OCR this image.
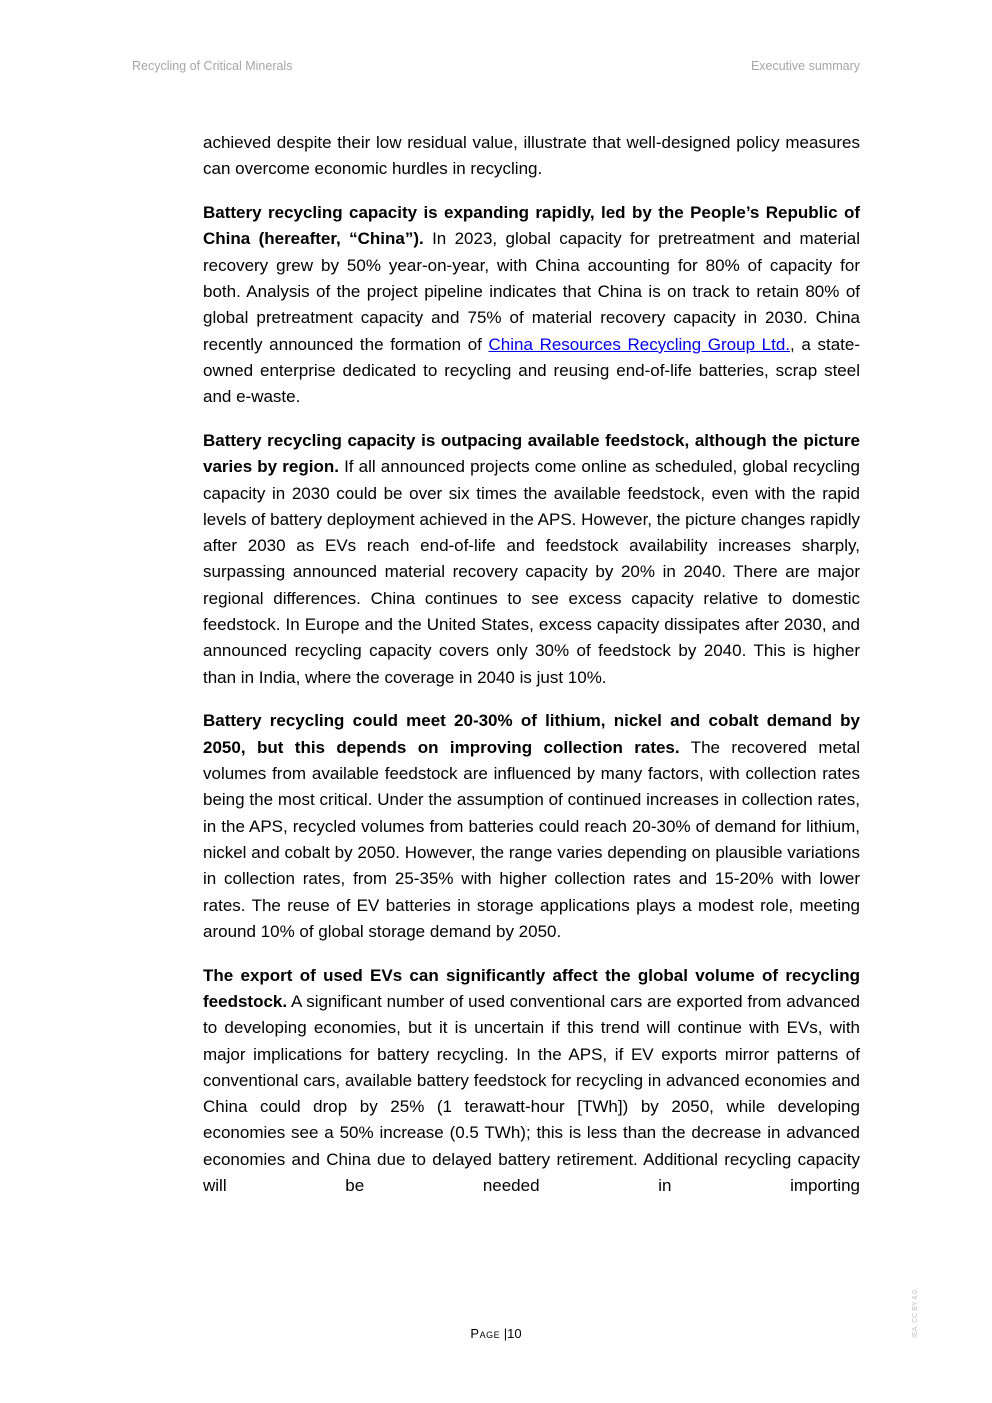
Recycling of Critical Minerals	Executive summary

achieved despite their low residual value, illustrate that well-designed policy measures can overcome economic hurdles in recycling.

Battery recycling capacity is expanding rapidly, led by the People’s Republic of China (hereafter, “China”). In 2023, global capacity for pretreatment and material recovery grew by 50% year-on-year, with China accounting for 80% of capacity for both. Analysis of the project pipeline indicates that China is on track to retain 80% of global pretreatment capacity and 75% of material recovery capacity in 2030. China recently announced the formation of China Resources Recycling Group Ltd., a state-owned enterprise dedicated to recycling and reusing end-of-life batteries, scrap steel and e-waste.

Battery recycling capacity is outpacing available feedstock, although the picture varies by region. If all announced projects come online as scheduled, global recycling capacity in 2030 could be over six times the available feedstock, even with the rapid levels of battery deployment achieved in the APS. However, the picture changes rapidly after 2030 as EVs reach end-of-life and feedstock availability increases sharply, surpassing announced material recovery capacity by 20% in 2040. There are major regional differences. China continues to see excess capacity relative to domestic feedstock. In Europe and the United States, excess capacity dissipates after 2030, and announced recycling capacity covers only 30% of feedstock by 2040. This is higher than in India, where the coverage in 2040 is just 10%.

Battery recycling could meet 20-30% of lithium, nickel and cobalt demand by 2050, but this depends on improving collection rates. The recovered metal volumes from available feedstock are influenced by many factors, with collection rates being the most critical. Under the assumption of continued increases in collection rates, in the APS, recycled volumes from batteries could reach 20-30% of demand for lithium, nickel and cobalt by 2050. However, the range varies depending on plausible variations in collection rates, from 25-35% with higher collection rates and 15-20% with lower rates. The reuse of EV batteries in storage applications plays a modest role, meeting around 10% of global storage demand by 2050.

The export of used EVs can significantly affect the global volume of recycling feedstock. A significant number of used conventional cars are exported from advanced to developing economies, but it is uncertain if this trend will continue with EVs, with major implications for battery recycling. In the APS, if EV exports mirror patterns of conventional cars, available battery feedstock for recycling in advanced economies and China could drop by 25% (1 terawatt-hour [TWh]) by 2050, while developing economies see a 50% increase (0.5 TWh); this is less than the decrease in advanced economies and China due to delayed battery retirement. Additional recycling capacity will be needed in importing

Page |10	IEA. CC BY 4.0.
